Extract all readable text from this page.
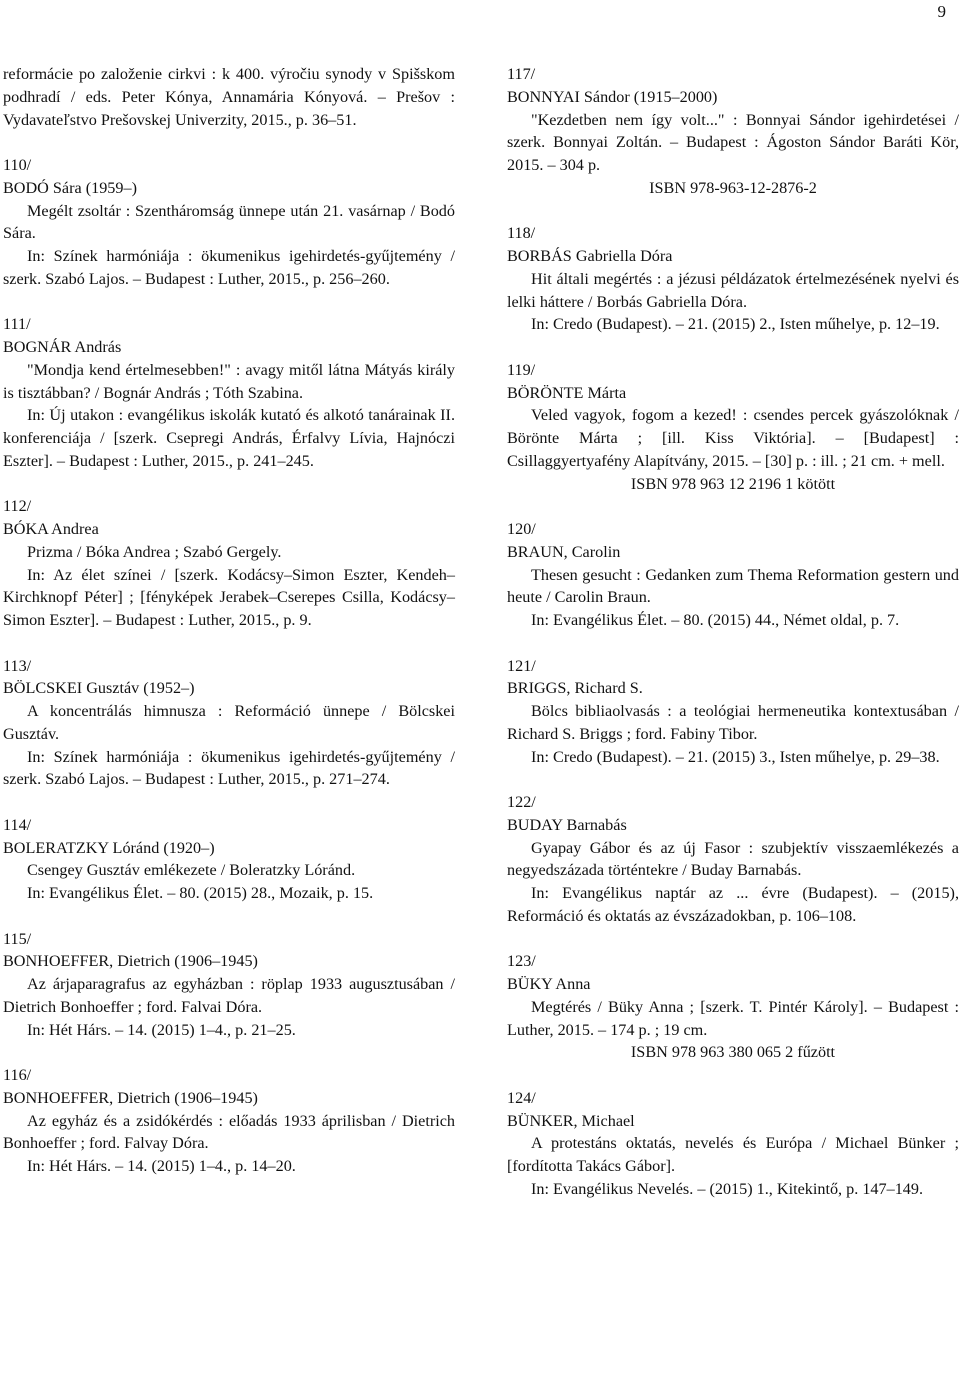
9

reformácie po založenie cirkvi : k 400. výročiu synody v Spišskom podhradí / eds. Peter Kónya, Annamária Kónyová. – Prešov : Vydavateľstvo Prešovskej Univerzity, 2015., p. 36–51.

110/

BODÓ Sára (1959–)

Megélt zsoltár : Szentháromság ünnepe után 21. vasárnap / Bodó Sára.

In: Színek harmóniája : ökumenikus igehirdetés-gyűjtemény / szerk. Szabó Lajos. – Budapest : Luther, 2015., p. 256–260.

111/

BOGNÁR András

"Mondja kend értelmesebben!" : avagy mitől látna Mátyás király is tisztábban? / Bognár András ; Tóth Szabina.

In: Új utakon : evangélikus iskolák kutató és alkotó tanárainak II. konferenciája / [szerk. Csepregi András, Érfalvy Lívia, Hajnóczi Eszter]. – Budapest : Luther, 2015., p. 241–245.

112/

BÓKA Andrea

Prizma / Bóka Andrea ; Szabó Gergely.

In: Az élet színei / [szerk. Kodácsy–Simon Eszter, Kendeh–Kirchknopf Péter] ; [fényképek Jerabek–Cserepes Csilla, Kodácsy–Simon Eszter]. – Budapest : Luther, 2015., p. 9.

113/

BÖLCSKEI Gusztáv (1952–)

A koncentrálás himnusza : Reformáció ünnepe / Bölcskei Gusztáv.

In: Színek harmóniája : ökumenikus igehirdetés-gyűjtemény / szerk. Szabó Lajos. – Budapest : Luther, 2015., p. 271–274.

114/

BOLERATZKY Lóránd (1920–)

Csengey Gusztáv emlékezete / Boleratzky Lóránd.

In: Evangélikus Élet. – 80. (2015) 28., Mozaik, p. 15.

115/

BONHOEFFER, Dietrich (1906–1945)

Az árjaparagrafus az egyházban : röplap 1933 augusztusában / Dietrich Bonhoeffer ; ford. Falvai Dóra.

In: Hét Hárs. – 14. (2015) 1–4., p. 21–25.

116/

BONHOEFFER, Dietrich (1906–1945)

Az egyház és a zsidókérdés : előadás 1933 áprilisban / Dietrich Bonhoeffer ; ford. Falvay Dóra.

In: Hét Hárs. – 14. (2015) 1–4., p. 14–20.

117/

BONNYAI Sándor (1915–2000)

"Kezdetben nem így volt..." : Bonnyai Sándor igehirdetései / szerk. Bonnyai Zoltán. – Budapest : Ágoston Sándor Baráti Kör, 2015. – 304 p.

ISBN 978-963-12-2876-2

118/

BORBÁS Gabriella Dóra

Hit általi megértés : a jézusi példázatok értelmezésének nyelvi és lelki háttere / Borbás Gabriella Dóra.

In: Credo (Budapest). – 21. (2015) 2., Isten műhelye, p. 12–19.

119/

BÖRÖNTE Márta

Veled vagyok, fogom a kezed! : csendes percek gyászolóknak / Börönte Márta ; [ill. Kiss Viktória]. – [Budapest] : Csillaggyertyafény Alapítvány, 2015. – [30] p. : ill. ; 21 cm. + mell.

ISBN 978 963 12 2196 1 kötött

120/

BRAUN, Carolin

Thesen gesucht : Gedanken zum Thema Reformation gestern und heute / Carolin Braun.

In: Evangélikus Élet. – 80. (2015) 44., Német oldal, p. 7.

121/

BRIGGS, Richard S.

Bölcs bibliaolvasás : a teológiai hermeneutika kontextusában / Richard S. Briggs ; ford. Fabiny Tibor.

In: Credo (Budapest). – 21. (2015) 3., Isten műhelye, p. 29–38.

122/

BUDAY Barnabás

Gyapay Gábor és az új Fasor : szubjektív visszaemlékezés a negyedszázada történtekre / Buday Barnabás.

In: Evangélikus naptár az ... évre (Budapest). – (2015), Reformáció és oktatás az évszázadokban, p. 106–108.

123/

BÜKY Anna

Megtérés / Büky Anna ; [szerk. T. Pintér Károly]. – Budapest : Luther, 2015. – 174 p. ; 19 cm.

ISBN 978 963 380 065 2 fűzött

124/

BÜNKER, Michael

A protestáns oktatás, nevelés és Európa / Michael Bünker ; [fordította Takács Gábor].

In: Evangélikus Nevelés. – (2015) 1., Kitekintő, p. 147–149.
